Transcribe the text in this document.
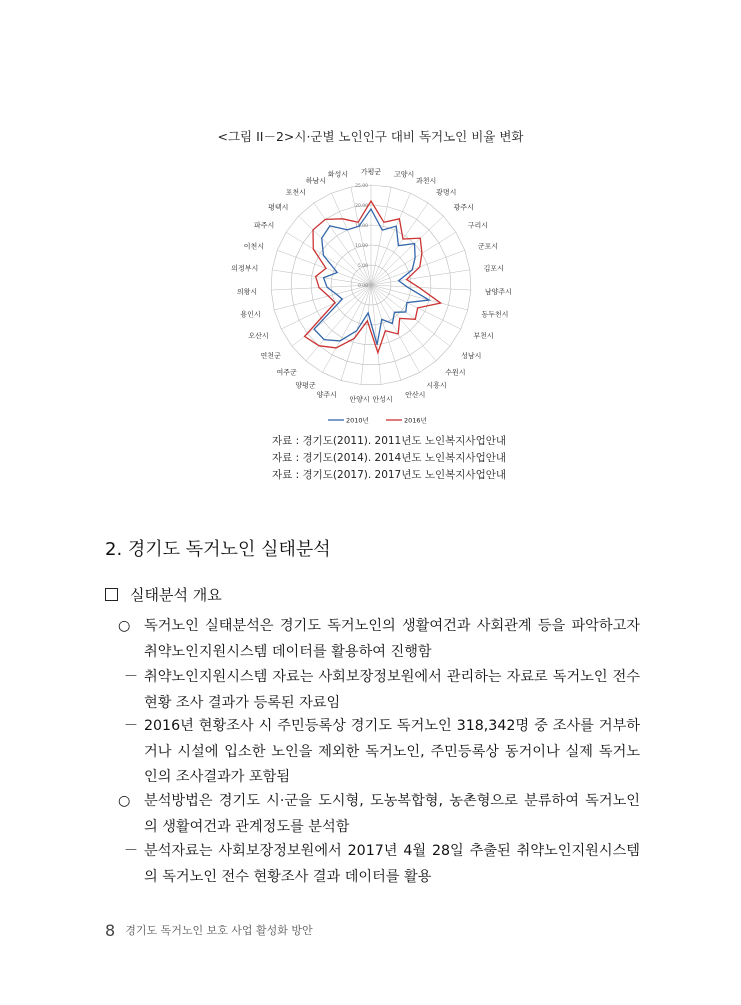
<그림 II－2>시·군별 노인인구 대비 독거노인 비율 변화
0.00
5.00
10.00
15.00
20.00
25.00
가평군 고양시
과천시
광명시
광주시
구리시
군포시
김포시
남양주시
동두천시
부천시
성남시
수원시
시흥시
안산시
안성시
안양시
양주시
양평군
여주군
연천군
오산시
용인시
의왕시
의정부시
이천시
파주시
평택시
포천시
하남시
화성시
2010년	2016년
자료 : 경기도(2011). 2011년도 노인복지사업안내
자료 : 경기도(2014). 2014년도 노인복지사업안내
자료 : 경기도(2017). 2017년도 노인복지사업안내
2. 경기도 독거노인 실태분석
실태분석 개요
○ 독거노인 실태분석은 경기도 독거노인의 생활여건과 사회관계 등을 파악하고자 취약노인지원시스템 데이터를 활용하여 진행함
－ 취약노인지원시스템 자료는 사회보장정보원에서 관리하는 자료로 독거노인 전수 현황 조사 결과가 등록된 자료임
－ 2016년 현황조사 시 주민등록상 경기도 독거노인 318,342명 중 조사를 거부하거나 시설에 입소한 노인을 제외한 독거노인, 주민등록상 동거이나 실제 독거노인의 조사결과가 포함됨
○ 분석방법은 경기도 시·군을 도시형, 도농복합형, 농촌형으로 분류하여 독거노인의 생활여건과 관계정도를 분석함
－ 분석자료는 사회보장정보원에서 2017년 4월 28일 추출된 취약노인지원시스템의 독거노인 전수 현황조사 결과 데이터를 활용
8 경기도 독거노인 보호 사업 활성화 방안
